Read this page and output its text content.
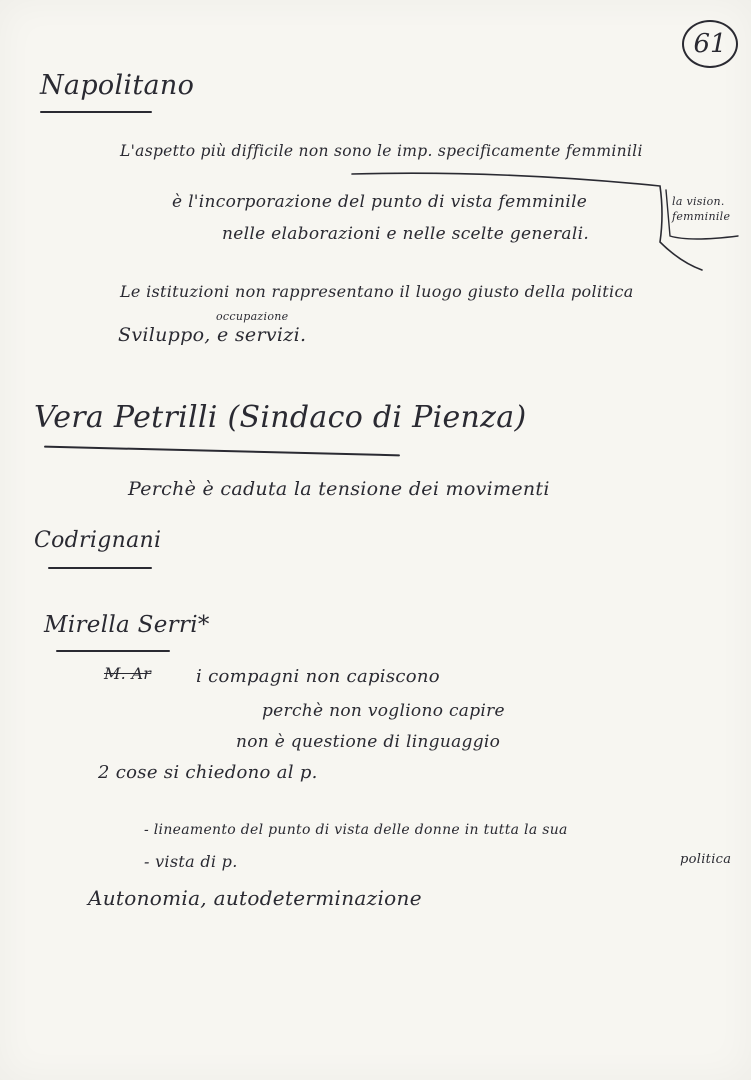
61
Napolitano
L'aspetto più difficile non sono le imp. specificamente femminili
è l'incorporazione del punto di vista femminile
nelle elaborazioni e nelle scelte generali.
la vision. femminile
Le istituzioni non rappresentano il luogo giusto della politica
occupazione
Sviluppo, e servizi.
Vera Petrilli (Sindaco di Pienza)
Perchè è caduta la tensione dei movimenti
Codrignani
Mirella Serri*
M. Ar i compagni non capiscono
perchè non vogliono capire
non è questione di linguaggio
2 cose si chiedono al p.
- lineamento del punto di vista delle donne in tutta la sua
politica
- vista di p.
Autonomia, autodeterminazione
